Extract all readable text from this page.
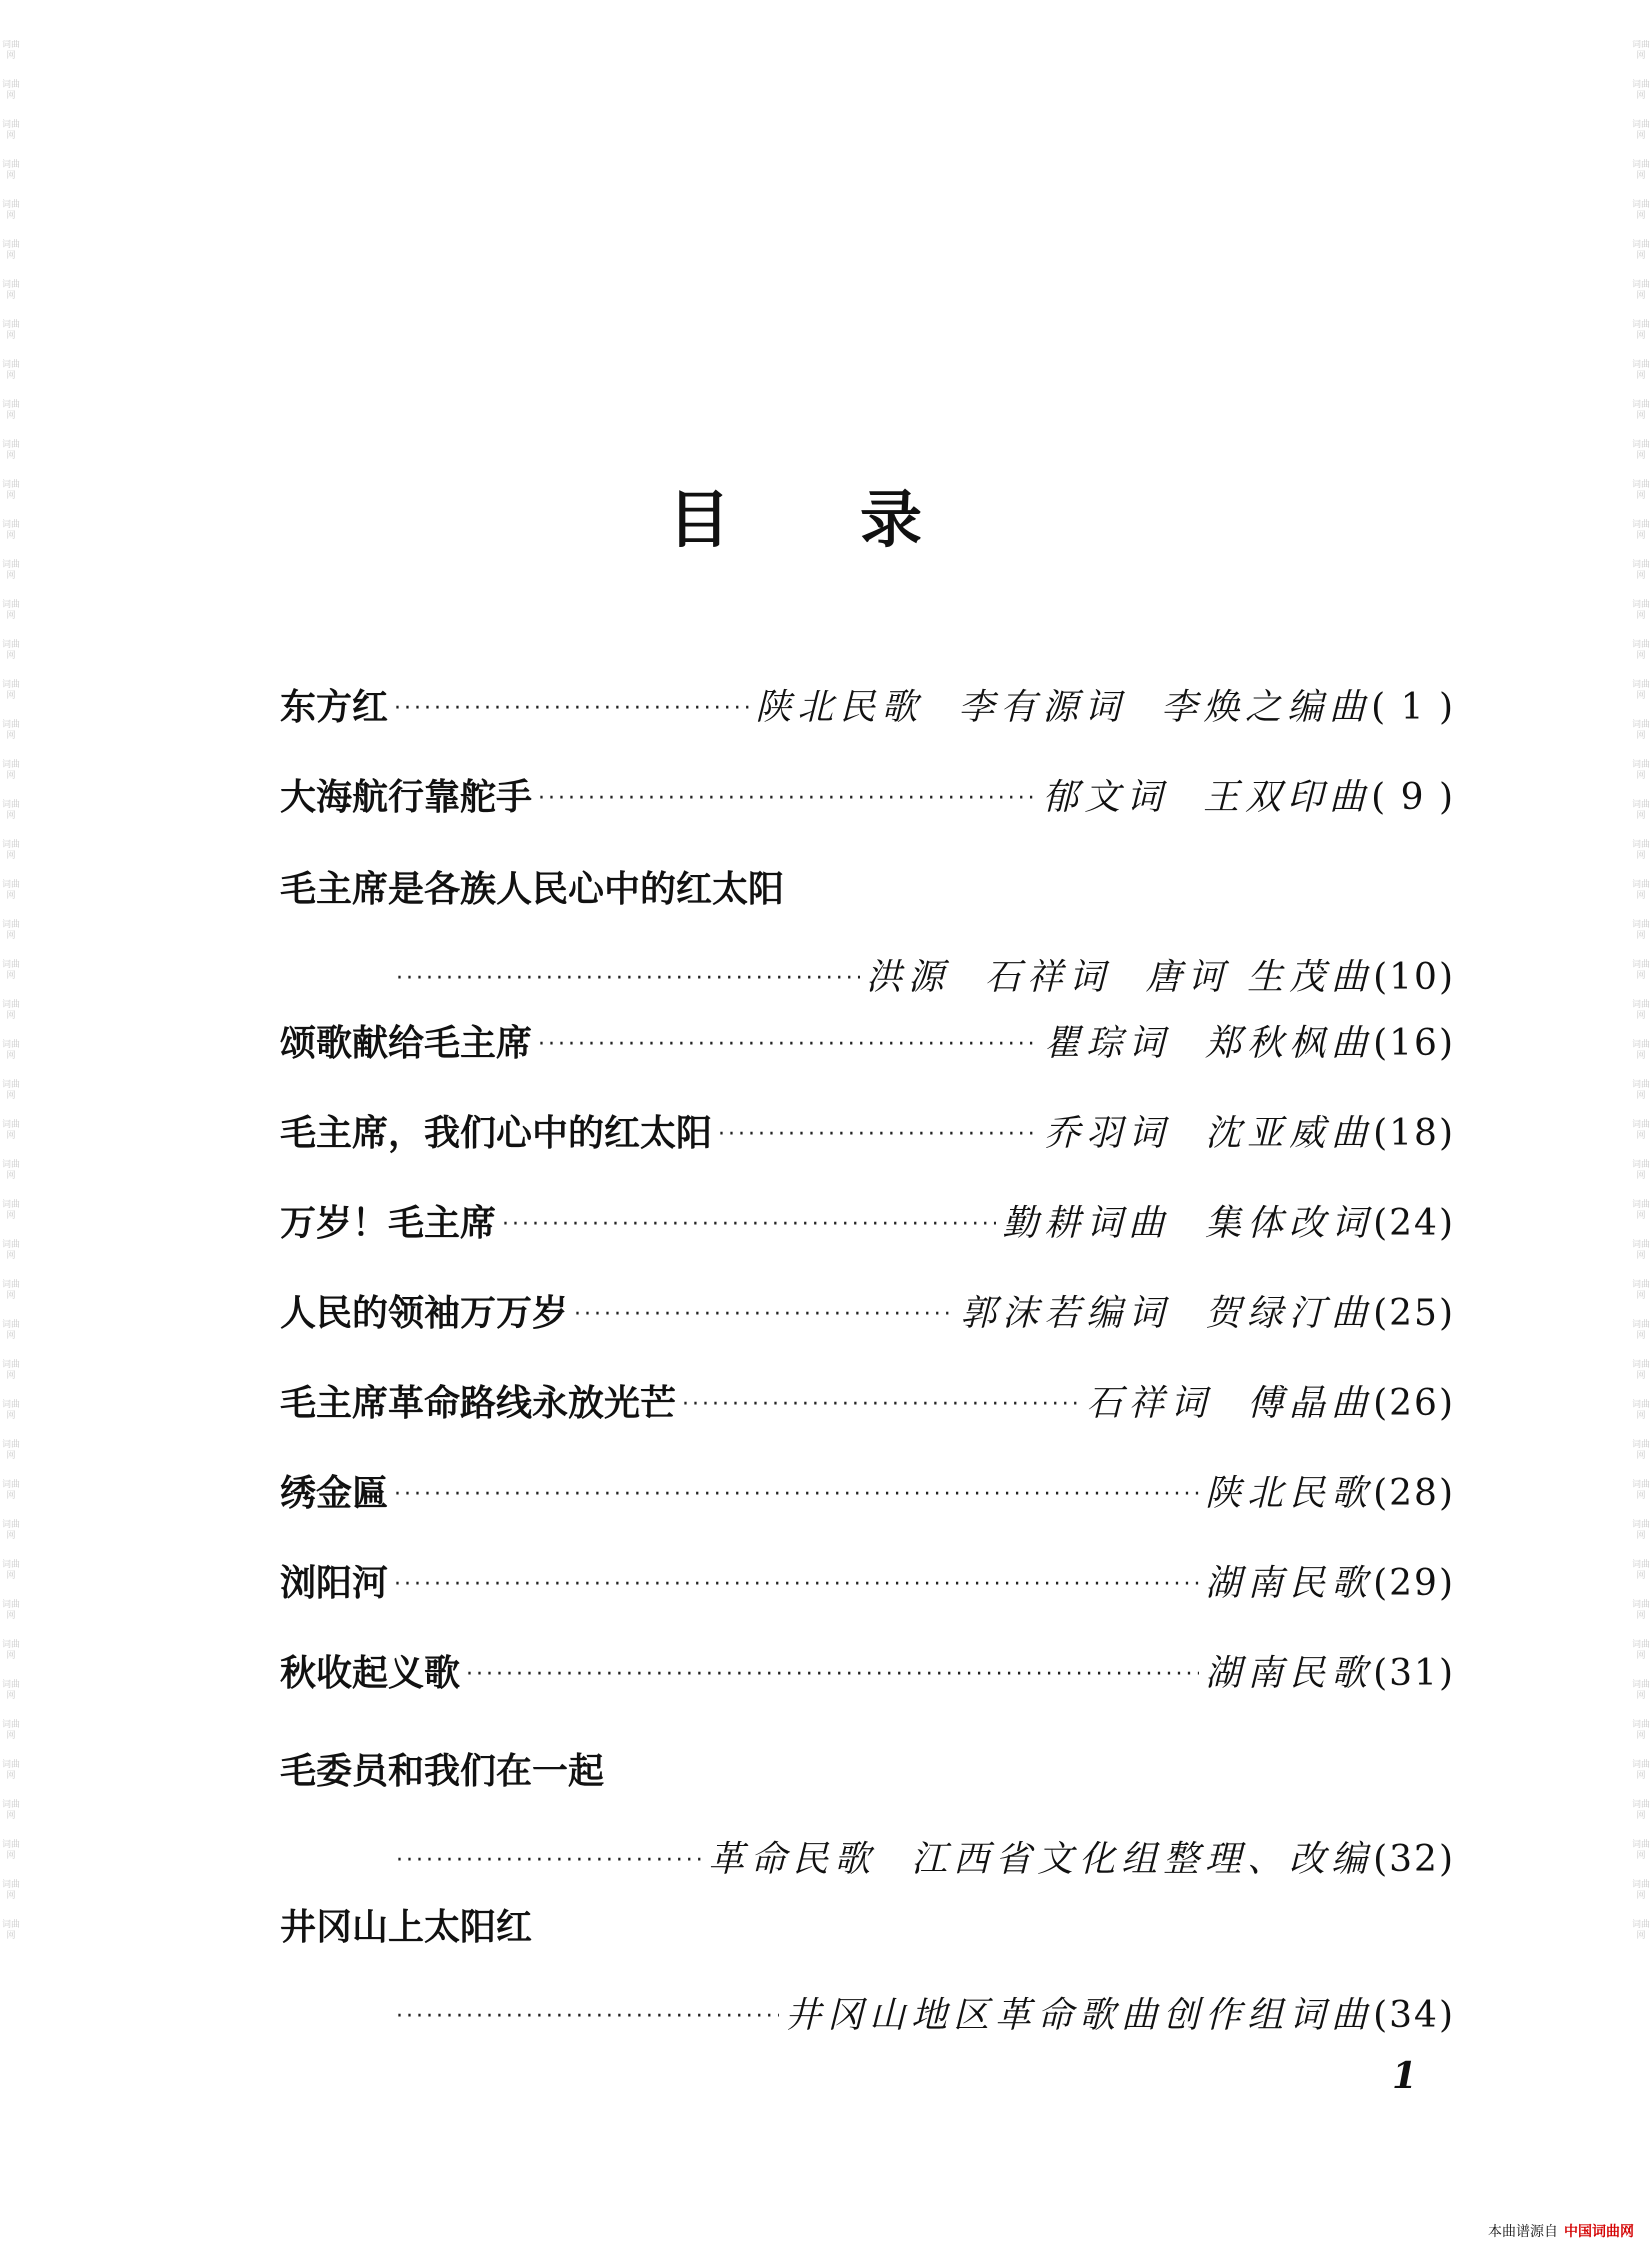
词曲网
词曲网
词曲网
词曲网
词曲网
词曲网
词曲网
词曲网
词曲网
词曲网
词曲网
词曲网
词曲网
词曲网
词曲网
词曲网
词曲网
词曲网
词曲网
词曲网
词曲网
词曲网
词曲网
词曲网
词曲网
词曲网
词曲网
词曲网
词曲网
词曲网
词曲网
词曲网
词曲网
词曲网
词曲网
词曲网
词曲网
词曲网
词曲网
词曲网
词曲网
词曲网
词曲网
词曲网
词曲网
词曲网
词曲网
词曲网
词曲网
词曲网
词曲网
词曲网
词曲网
词曲网
词曲网
词曲网
词曲网
词曲网
词曲网
词曲网
词曲网
词曲网
词曲网
词曲网
词曲网
词曲网
词曲网
词曲网
词曲网
词曲网
词曲网
词曲网
词曲网
词曲网
词曲网
词曲网
词曲网
词曲网
词曲网
词曲网
词曲网
词曲网
词曲网
词曲网
词曲网
词曲网
词曲网
词曲网
词曲网
词曲网
词曲网
词曲网
词曲网
词曲网
词曲网
词曲网
目录
东方红 ·····	陕北民歌  李有源词  李焕之编曲 ( 1 )
大海航行靠舵手 ·····	郁文词  王双印曲 ( 9 )
毛主席是各族人民心中的红太阳
·····
洪源  石祥词  唐诃 生茂曲 (10)
颂歌献给毛主席 ·····	瞿琮词  郑秋枫曲 (16)
毛主席，我们心中的红太阳 ·····	乔羽词  沈亚威曲 (18)
万岁！毛主席 ·····	勤耕词曲  集体改词 (24)
人民的领袖万万岁 ·····	郭沫若编词  贺绿汀曲 (25)
毛主席革命路线永放光芒 ·····	石祥词  傅晶曲 (26)
绣金匾 ·····	陕北民歌 (28)
浏阳河 ·····	湖南民歌 (29)
秋收起义歌 ·····	湖南民歌 (31)
毛委员和我们在一起
·····
革命民歌  江西省文化组整理、改编 (32)
井冈山上太阳红
·····
井冈山地区革命歌曲创作组词曲 (34)
1
本曲谱源自 中国词曲网
